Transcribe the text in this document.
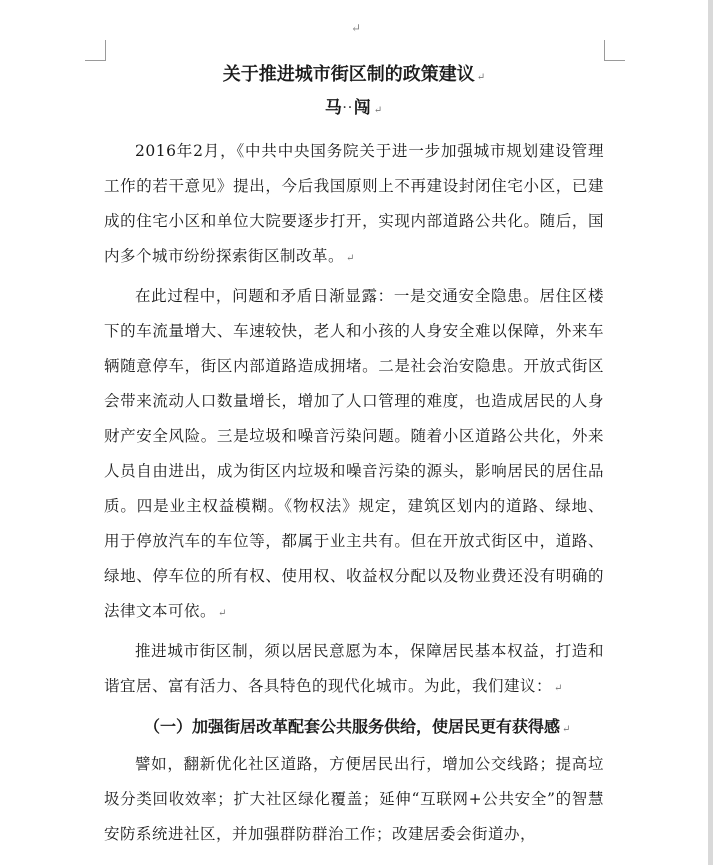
↵
关于推进城市街区制的政策建议 ↵
马··闯 ↵

2016年2月，《中共中央国务院关于进一步加强城市规划建设管理工作的若干意见》提出，今后我国原则上不再建设封闭住宅小区，已建成的住宅小区和单位大院要逐步打开，实现内部道路公共化。随后，国内多个城市纷纷探索街区制改革。 ↵

在此过程中，问题和矛盾日渐显露：一是交通安全隐患。居住区楼下的车流量增大、车速较快，老人和小孩的人身安全难以保障，外来车辆随意停车，街区内部道路造成拥堵。二是社会治安隐患。开放式街区会带来流动人口数量增长，增加了人口管理的难度，也造成居民的人身财产安全风险。三是垃圾和噪音污染问题。随着小区道路公共化，外来人员自由进出，成为街区内垃圾和噪音污染的源头，影响居民的居住品质。四是业主权益模糊。《物权法》规定，建筑区划内的道路、绿地、用于停放汽车的车位等，都属于业主共有。但在开放式街区中，道路、绿地、停车位的所有权、使用权、收益权分配以及物业费还没有明确的法律文本可依。 ↵

推进城市街区制，须以居民意愿为本，保障居民基本权益，打造和谐宜居、富有活力、各具特色的现代化城市。为此，我们建议： ↵

（一）加强街居改革配套公共服务供给，使居民更有获得感 ↵

譬如，翻新优化社区道路，方便居民出行，增加公交线路；提高垃圾分类回收效率；扩大社区绿化覆盖；延伸“互联网+公共安全”的智慧安防系统进社区，并加强群防群治工作；改建居委会街道办，
